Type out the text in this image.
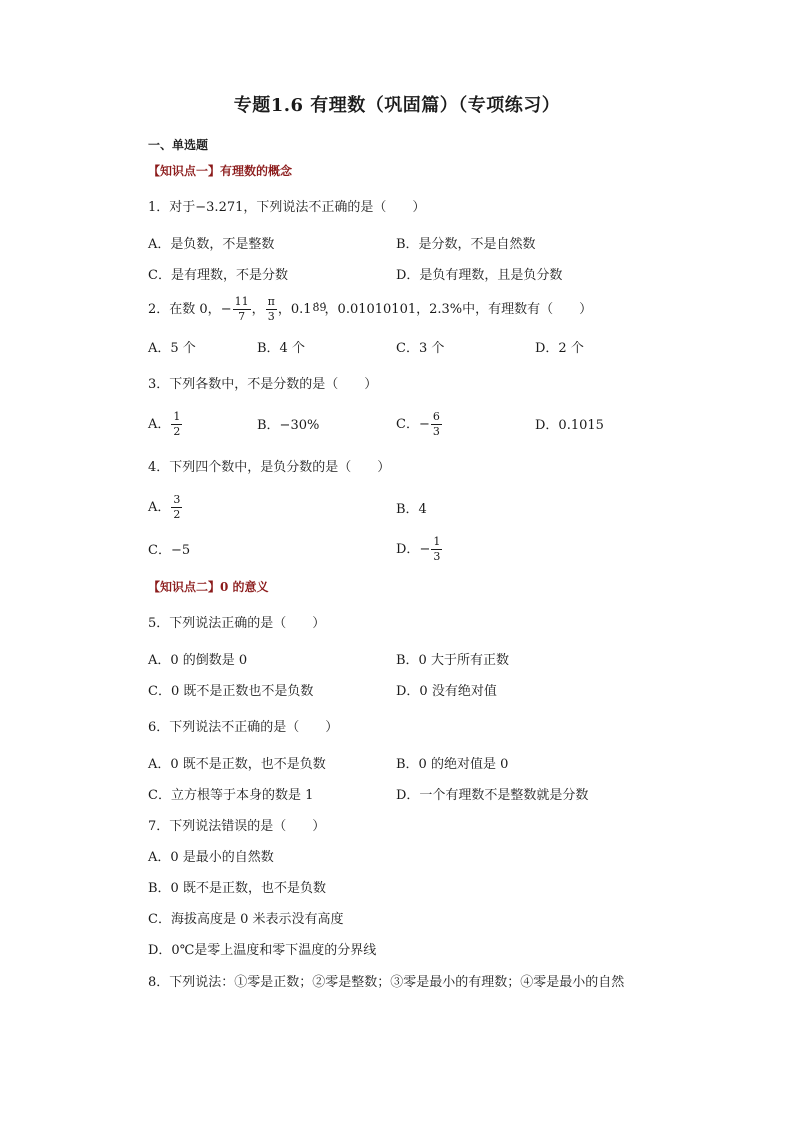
专题1.6 有理数（巩固篇）（专项练习）
一、单选题
【知识点一】有理数的概念
1．对于−3.271，下列说法不正确的是（　　）
A．是负数，不是整数	B．是分数，不是自然数
C．是有理数，不是分数	D．是负有理数，且是负分数
2．在数 0， − $\frac{11}{7}$ ， $\frac{\pi}{3}$ ， 0.1 8̇9̇
，0.01010101，2.3%中，有理数有（　　）
A．5 个	B．4 个	C．3 个	D．2 个
3．下列各数中，不是分数的是（　　）
A． $\frac{1}{2}$	B．−30%	C． − $\frac{6}{3}$	D．0.1015
4．下列四个数中，是负分数的是（　　）
A． $\frac{3}{2}$	B．4
C．−5	D． − $\frac{1}{3}$
【知识点二】0 的意义
5．下列说法正确的是（　　）
A．0 的倒数是 0	B．0 大于所有正数
C．0 既不是正数也不是负数	D．0 没有绝对值
6．下列说法不正确的是（　　）
A．0 既不是正数，也不是负数	B．0 的绝对值是 0
C．立方根等于本身的数是 1	D．一个有理数不是整数就是分数
7．下列说法错误的是（　　）
A．0 是最小的自然数
B．0 既不是正数，也不是负数
C．海拔高度是 0 米表示没有高度
D．0℃是零上温度和零下温度的分界线
8．下列说法：①零是正数；②零是整数；③零是最小的有理数；④零是最小的自然
